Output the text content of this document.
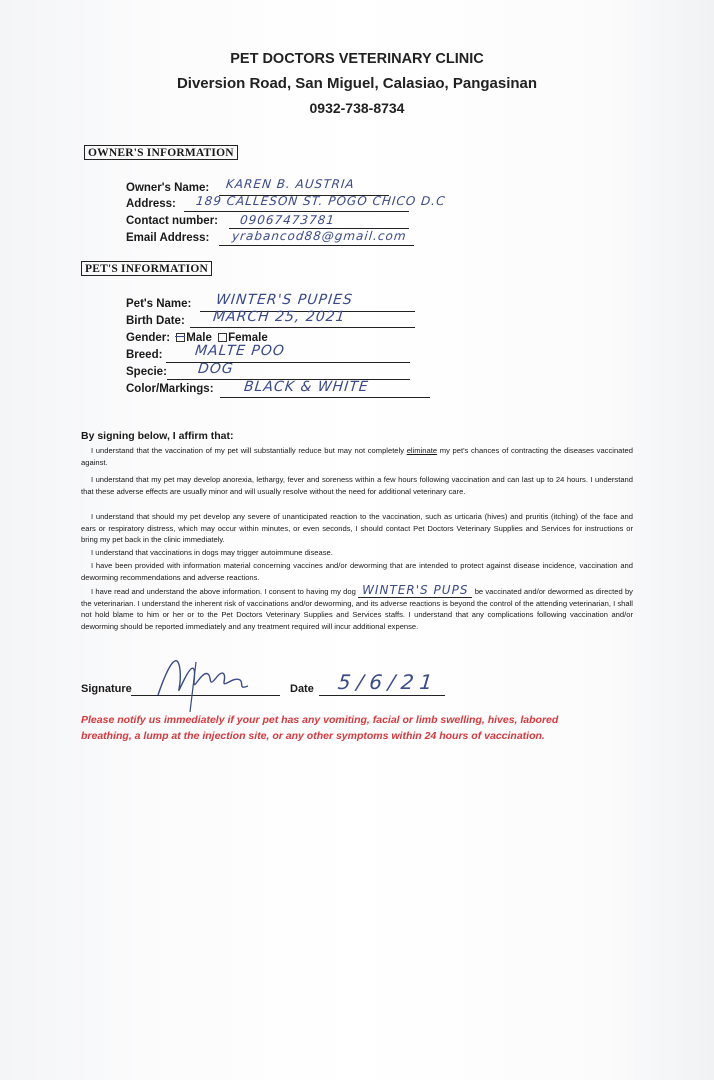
PET DOCTORS VETERINARY CLINIC
Diversion Road, San Miguel, Calasiao, Pangasinan
0932-738-8734
OWNER'S INFORMATION
Owner's Name: KAREN B. AUSTRIA
Address: 189 CALLESON ST. POGO CHICO D.C
Contact number: 09067473781
Email Address: yrabancod88@gmail.com
PET'S INFORMATION
Pet's Name: WINTER'S PUPIES
Birth Date: MARCH 25, 2021
Gender: Male Female
Breed: MALTE POO
Specie: DOG
Color/Markings: BLACK & WHITE
By signing below, I affirm that:
I understand that the vaccination of my pet will substantially reduce but may not completely eliminate my pet's chances of contracting the diseases vaccinated against.
I understand that my pet may develop anorexia, lethargy, fever and soreness within a few hours following vaccination and can last up to 24 hours. I understand that these adverse effects are usually minor and will usually resolve without the need for additional veterinary care.
I understand that should my pet develop any severe of unanticipated reaction to the vaccination, such as urticaria (hives) and pruritis (itching) of the face and ears or respiratory distress, which may occur within minutes, or even seconds, I should contact Pet Doctors Veterinary Supplies and Services for instructions or bring my pet back in the clinic immediately.
I understand that vaccinations in dogs may trigger autoimmune disease.
I have been provided with information material concerning vaccines and/or deworming that are intended to protect against disease incidence, vaccination and deworming recommendations and adverse reactions.
I have read and understand the above information. I consent to having my dog WINTER'S PUPS be vaccinated and/or dewormed as directed by the veterinarian. I understand the inherent risk of vaccinations and/or deworming, and its adverse reactions is beyond the control of the attending veterinarian, I shall not hold blame to him or her or to the Pet Doctors Veterinary Supplies and Services staffs. I understand that any complications following vaccination and/or deworming should be reported immediately and any treatment required will incur additional expense.
Signature	Date 5/6/21
Please notify us immediately if your pet has any vomiting, facial or limb swelling, hives, labored breathing, a lump at the injection site, or any other symptoms within 24 hours of vaccination.
